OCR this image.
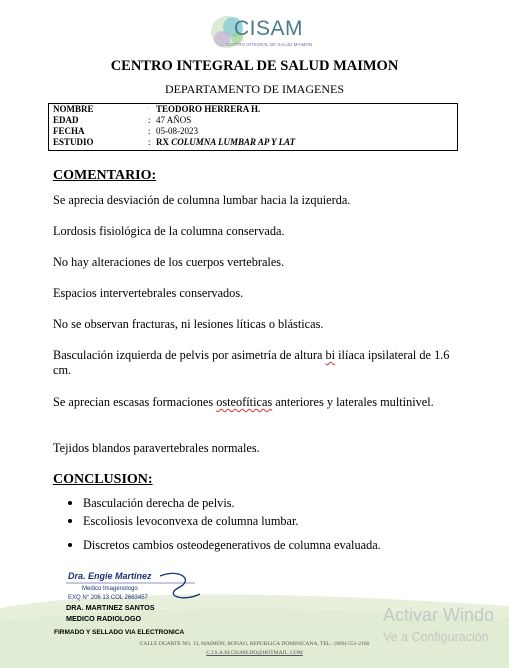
CISAM
CENTRO INTEGRAL DE SALUD MAIMON
CENTRO INTEGRAL DE SALUD MAIMON
DEPARTAMENTO DE IMAGENES
NOMBRE	: TEODORO HERRERA H.
EDAD	: 47 AÑOS
FECHA	: 05-08-2023
ESTUDIO	: RX COLUMNA LUMBAR AP Y LAT
COMENTARIO:
Se aprecia desviación de columna lumbar hacia la izquierda.
Lordosis fisiológica de la columna conservada.
No hay alteraciones de los cuerpos vertebrales.
Espacios intervertebrales conservados.
No se observan fracturas, ni lesiones líticas o blásticas.
Basculación izquierda de pelvis por asimetría de altura bi ilíaca ipsilateral de 1.6 cm.
Se aprecian escasas formaciones osteofíticas anteriores y laterales multinivel.
Tejidos blandos paravertebrales normales.
CONCLUSION:
Basculación derecha de pelvis.
Escoliosis levoconvexa de columna lumbar.
Discretos cambios osteodegenerativos de columna evaluada.
Dra. Engie Martinez
Medico Imagenologo
EXQ N° 206 13 COL 2663457
DRA. MARTINEZ SANTOS
MEDICO RADIOLOGO
FIRMADO Y SELLADO VIA ELECTRONICA
CALLE DUARTE NO. 13, MAIMÓN, BONAO, REPUBLICA DOMINICANA, TEL.: (809)-551-2166
C.I.S.A.M.CISAM.DO@HOTMAIL .COM
Activar Windo
Ve a Configuración
